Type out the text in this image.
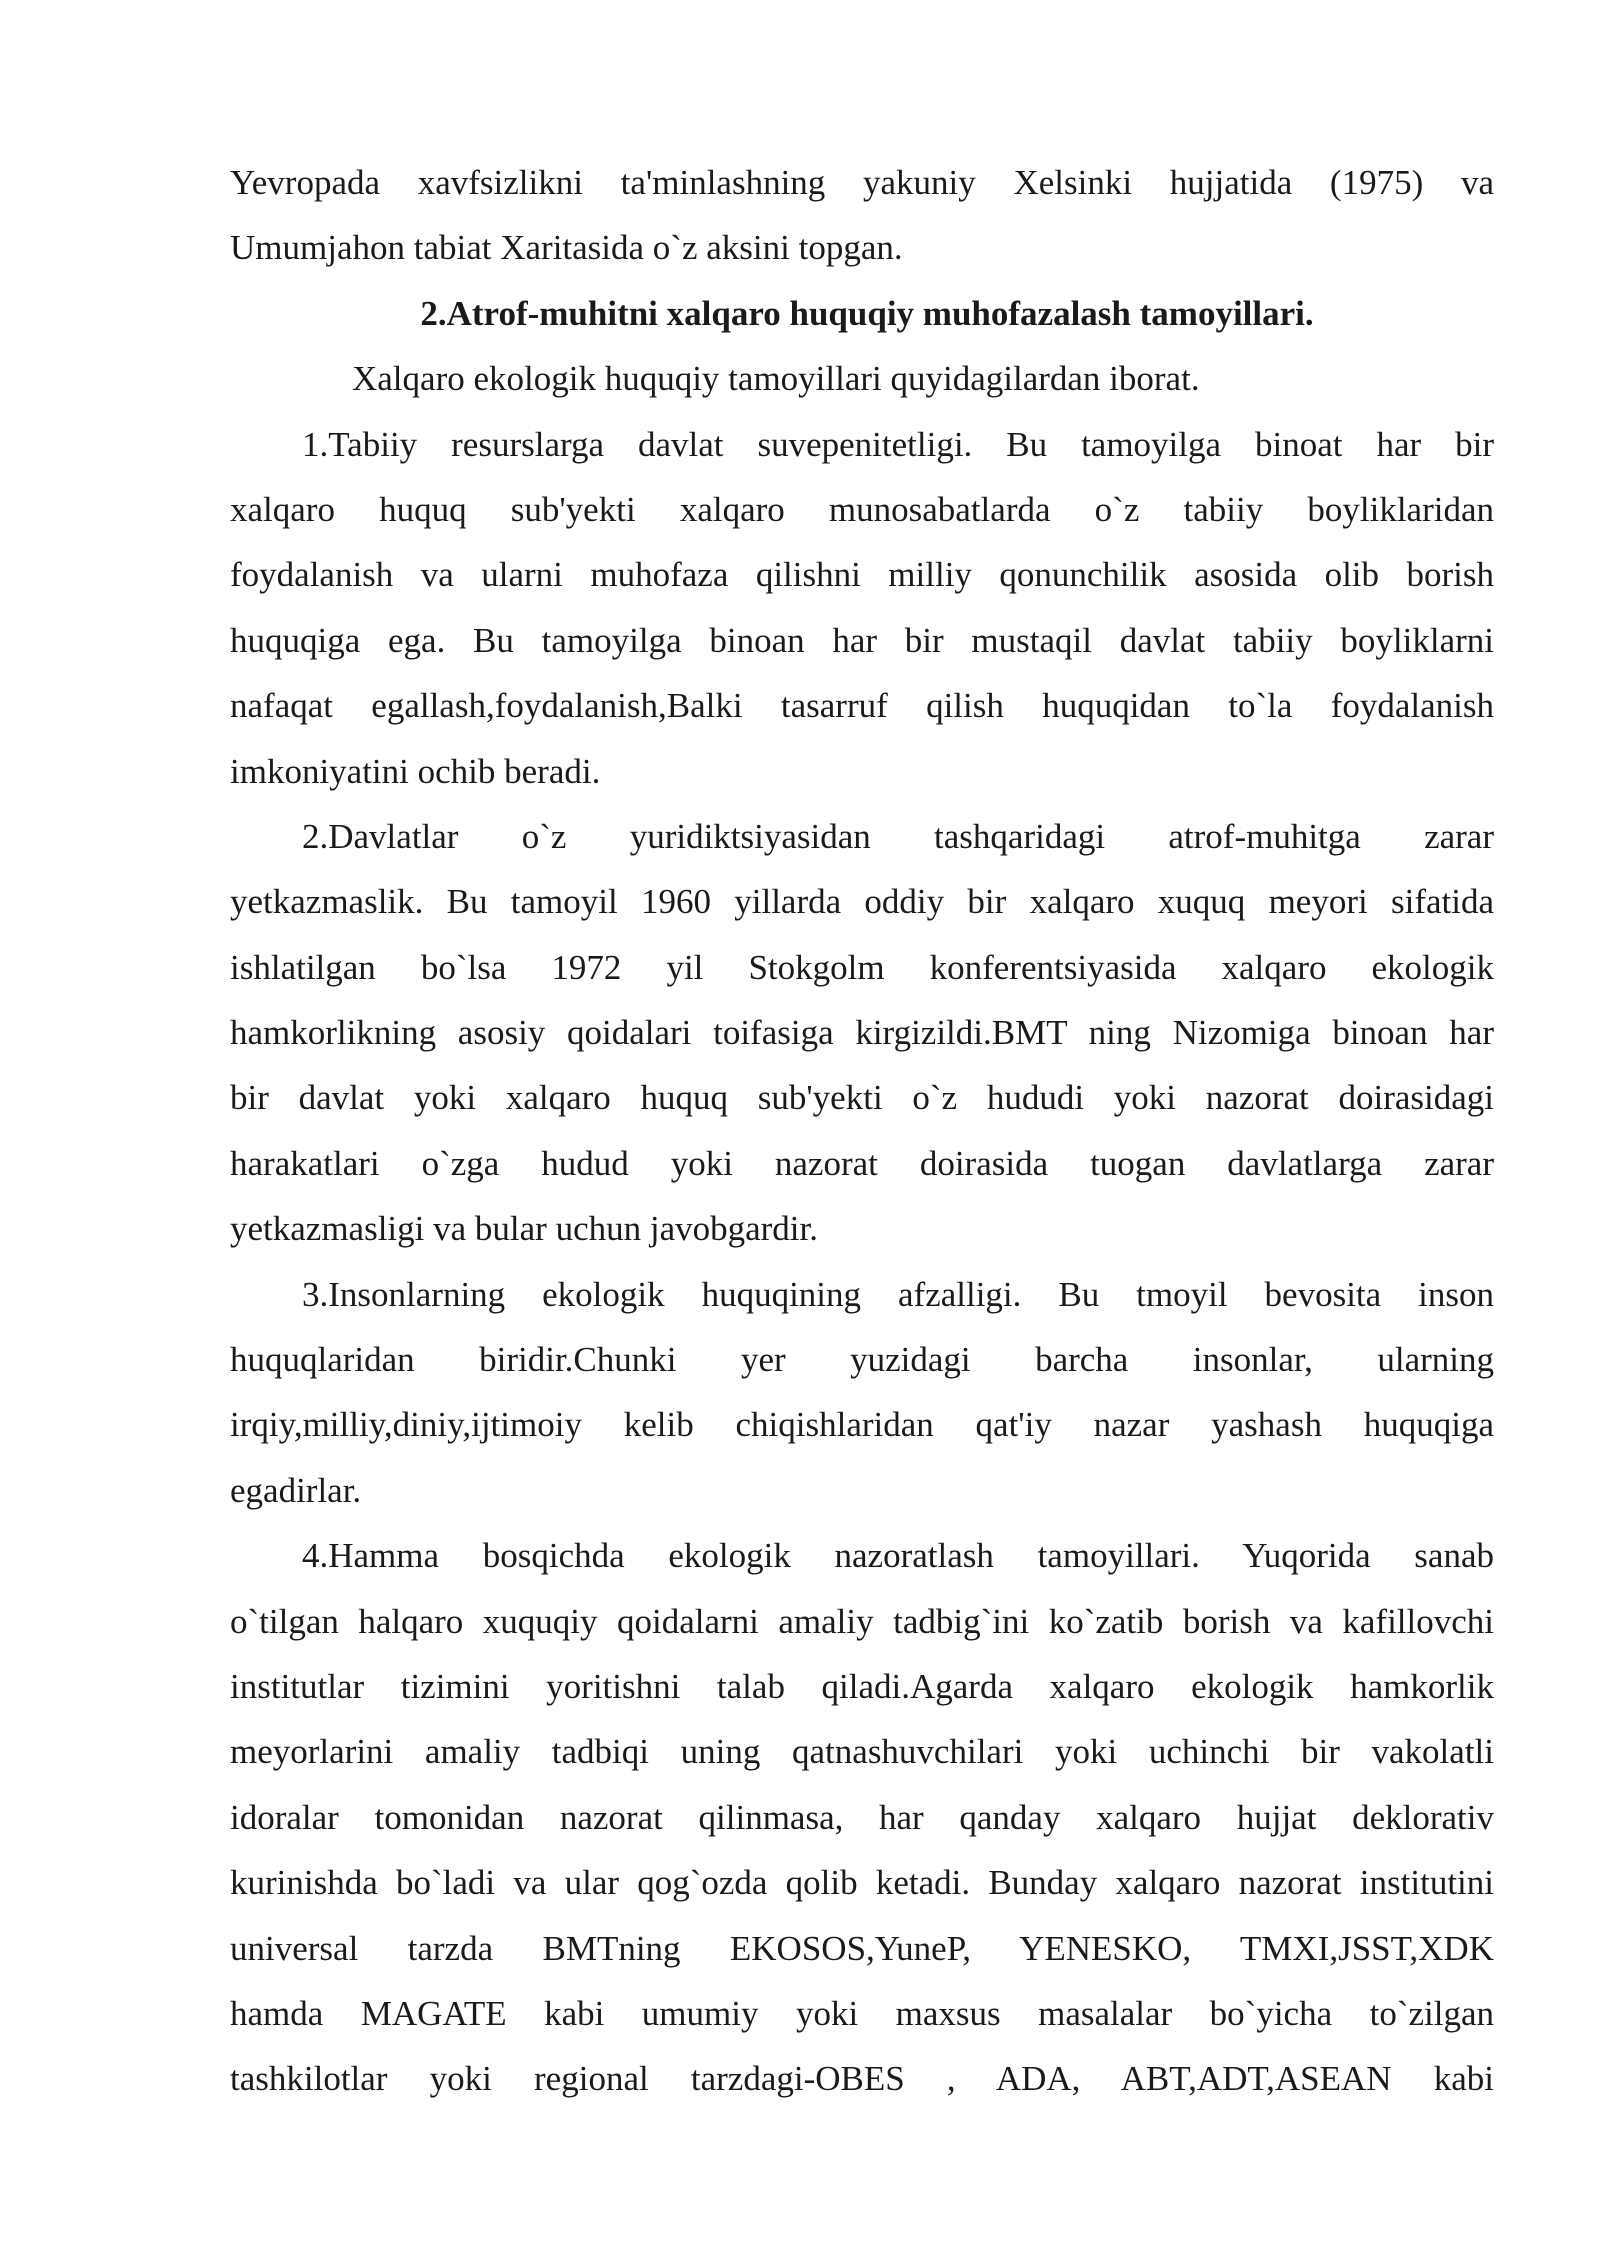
Yevropada xavfsizlikni ta'minlashning yakuniy Xelsinki hujjatida (1975) va
Umumjahon tabiat Xaritasida o`z aksini topgan.
2.Atrof-muhitni xalqaro huquqiy muhofazalash tamoyillari.
Xalqaro ekologik huquqiy tamoyillari quyidagilardan iborat.
1.Tabiiy resurslarga davlat suvepenitetligi. Bu tamoyilga binoat har bir
xalqaro huquq sub'yekti xalqaro munosabatlarda o`z tabiiy boyliklaridan
foydalanish va ularni muhofaza qilishni milliy qonunchilik asosida olib borish
huquqiga ega. Bu tamoyilga binoan har bir mustaqil davlat tabiiy boyliklarni
nafaqat egallash,foydalanish,Balki tasarruf qilish huquqidan to`la foydalanish
imkoniyatini ochib beradi.
2.Davlatlar o`z yuridiktsiyasidan tashqaridagi atrof-muhitga zarar
yetkazmaslik. Bu tamoyil 1960 yillarda oddiy bir xalqaro xuquq meyori sifatida
ishlatilgan bo`lsa 1972 yil Stokgolm konferentsiyasida xalqaro ekologik
hamkorlikning asosiy qoidalari toifasiga kirgizildi.BMT ning Nizomiga binoan har
bir davlat yoki xalqaro huquq sub'yekti o`z hududi yoki nazorat doirasidagi
harakatlari o`zga hudud yoki nazorat doirasida tuogan davlatlarga zarar
yetkazmasligi va bular uchun javobgardir.
3.Insonlarning ekologik huquqining afzalligi. Bu tmoyil bevosita inson
huquqlaridan biridir.Chunki yer yuzidagi barcha insonlar, ularning
irqiy,milliy,diniy,ijtimoiy kelib chiqishlaridan qat'iy nazar yashash huquqiga
egadirlar.
4.Hamma bosqichda ekologik nazoratlash tamoyillari. Yuqorida sanab
o`tilgan halqaro xuquqiy qoidalarni amaliy tadbig`ini ko`zatib borish va kafillovchi
institutlar tizimini yoritishni talab qiladi.Agarda xalqaro ekologik hamkorlik
meyorlarini amaliy tadbiqi uning qatnashuvchilari yoki uchinchi bir vakolatli
idoralar tomonidan nazorat qilinmasa, har qanday xalqaro hujjat deklorativ
kurinishda bo`ladi va ular qog`ozda qolib ketadi. Bunday xalqaro nazorat institutini
universal tarzda BMTning EKOSOS,YuneP, YENESKO, TMXI,JSST,XDK
hamda MAGATE kabi umumiy yoki maxsus masalalar bo`yicha to`zilgan
tashkilotlar yoki regional tarzdagi-OBES , ADA, ABT,ADT,ASEAN kabi
